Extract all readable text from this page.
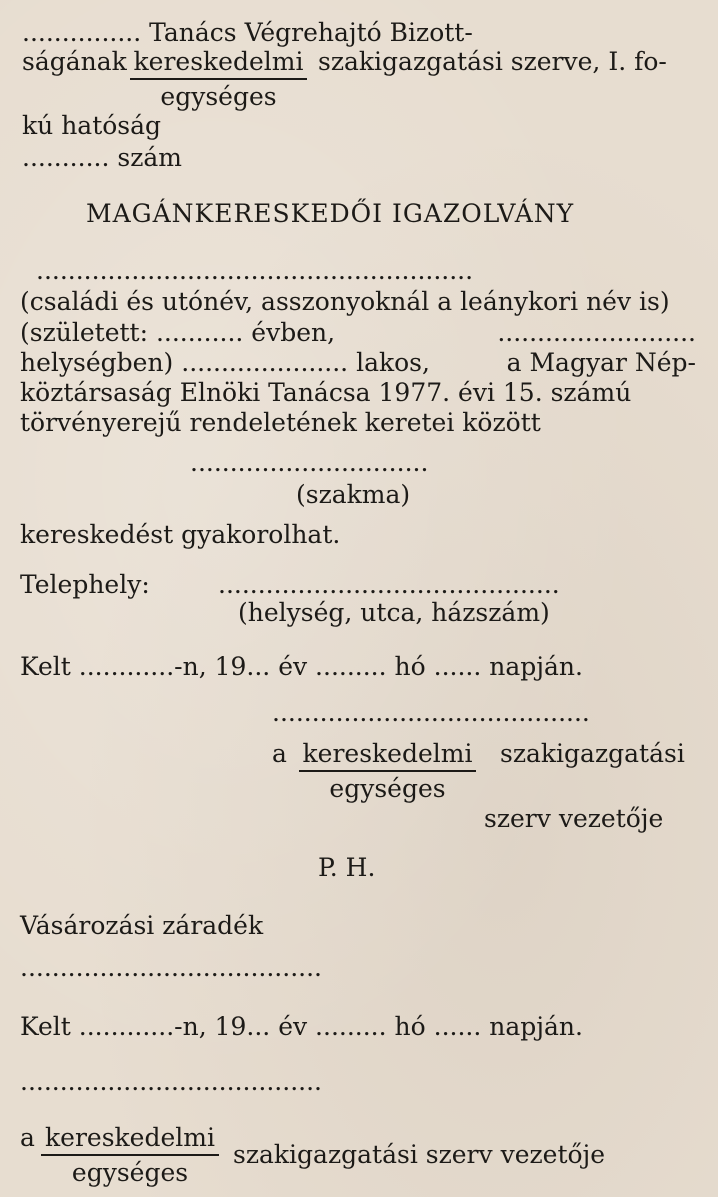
............... Tanács Végrehajtó Bizott-
ságának kereskedelmi
egységes
szakigazgatási szerve, I. fo-
kú hatóság
........... szám
MAGÁNKERESKEDŐI IGAZOLVÁNY
.......................................................
(családi és utónév, asszonyoknál a leánykori név is)
(született: ........... évben,	.........................
helységben) ..................... lakos,	a Magyar Nép-
köztársaság Elnöki Tanácsa 1977. évi 15. számú
törvényerejű rendeletének keretei között
..............................
(szakma)
kereskedést gyakorolhat.
Telephely:	...........................................
(helység, utca, házszám)
Kelt ............-n, 19... év ......... hó ...... napján.
........................................
a kereskedelmi
egységes
szakigazgatási
szerv vezetője
P. H.
Vásározási záradék
......................................
Kelt ............-n, 19... év ......... hó ...... napján.
......................................
a kereskedelmi
egységes
szakigazgatási szerv vezetője
